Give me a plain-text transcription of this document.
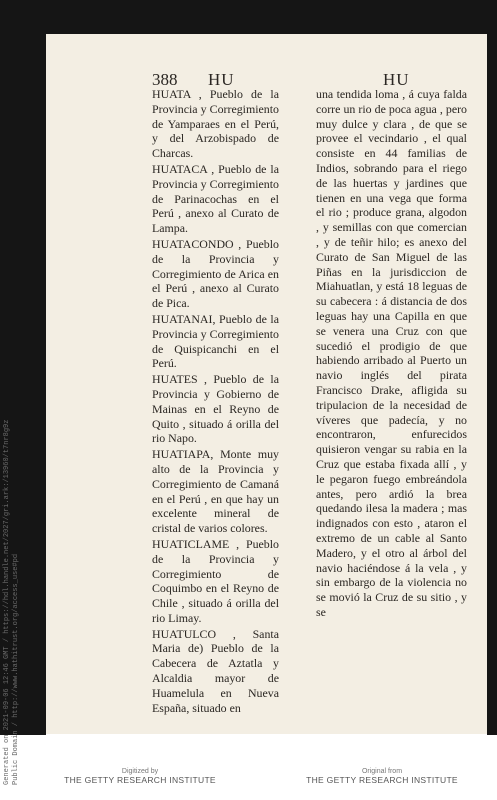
388 HU	HU

HUATA , Pueblo de la Provincia y Corregimiento de Yamparaes en el Perú, y del Arzobispado de Charcas.

HUATACA , Pueblo de la Provincia y Corregimiento de Parinacochas en el Perú , anexo al Curato de Lampa.

HUATACONDO , Pueblo de la Provincia y Corregimiento de Arica en el Perú , anexo al Curato de Pica.

HUATANAI, Pueblo de la Provincia y Corregimiento de Quispicanchi en el Perú.

HUATES , Pueblo de la Provincia y Gobierno de Mainas en el Reyno de Quito , situado á orilla del rio Napo.

HUATIAPA, Monte muy alto de la Provincia y Corregimiento de Camaná en el Perú , en que hay un excelente mineral de cristal de varios colores.

HUATICLAME , Pueblo de la Provincia y Corregimiento de Coquimbo en el Reyno de Chile , situado á orilla del rio Limay.

HUATULCO , Santa Maria de) Pueblo de la Cabecera de Aztatla y Alcaldia mayor de Huamelula en Nueva España, situado en

una tendida loma , á cuya falda corre un rio de poca agua , pero muy dulce y clara , de que se provee el vecindario , el qual consiste en 44 familias de Indios, sobrando para el riego de las huertas y jardines que tienen en una vega que forma el rio ; produce grana, algodon , y semillas con que comercian , y de teñir hilo; es anexo del Curato de San Miguel de las Piñas en la jurisdiccion de Miahuatlan, y está 18 leguas de su cabecera : á distancia de dos leguas hay una Capilla en que se venera una Cruz con que sucedió el prodigio de que habiendo arribado al Puerto un navio inglés del pirata Francisco Drake, afligida su tripulacion de la necesidad de víveres que padecía, y no encontraron, enfurecidos quisieron vengar su rabia en la Cruz que estaba fixada allí , y le pegaron fuego embreándola antes, pero ardió la brea quedando ilesa la madera ; mas indignados con esto , ataron el extremo de un cable al Santo Madero, y el otro al árbol del navio haciéndose á la vela , y sin embargo de la violencia no se movió la Cruz de su sitio , y se

Generated on 2021-09-06 12:46 GMT / https://hdl.handle.net/2027/gri.ark:/13960/t7nr8g9z Public Domain / http://www.hathitrust.org/access_use#pd	Digitized by
THE GETTY RESEARCH INSTITUTE
Original from
THE GETTY RESEARCH INSTITUTE
